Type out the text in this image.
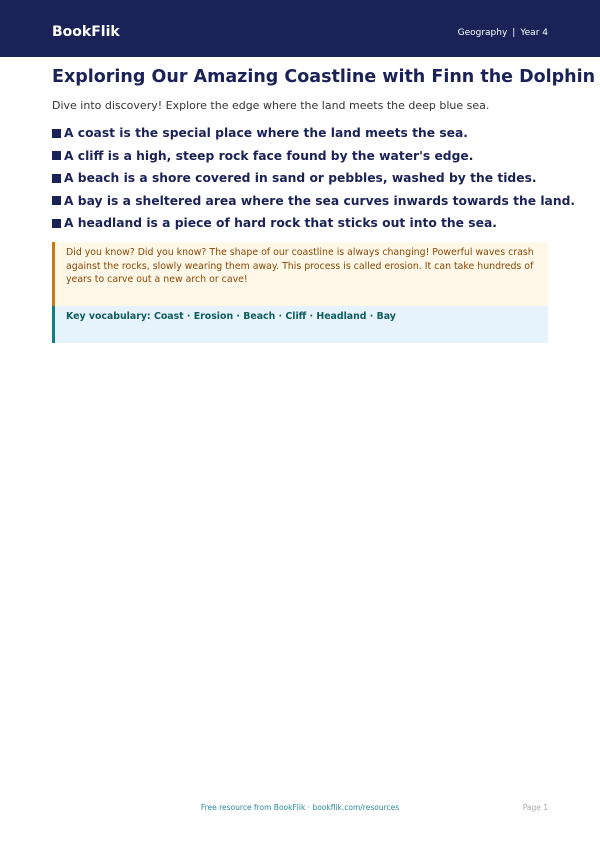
BookFlik	Geography | Year 4
Exploring Our Amazing Coastline with Finn the Dolphin

Dive into discovery! Explore the edge where the land meets the deep blue sea.

A coast is the special place where the land meets the sea.
A cliff is a high, steep rock face found by the water's edge.
A beach is a shore covered in sand or pebbles, washed by the tides.
A bay is a sheltered area where the sea curves inwards towards the land.
A headland is a piece of hard rock that sticks out into the sea.
Did you know? Did you know? The shape of our coastline is always changing! Powerful waves crash against the rocks, slowly wearing them away. This process is called erosion. It can take hundreds of years to carve out a new arch or cave!
Key vocabulary: Coast · Erosion · Beach · Cliff · Headland · Bay
Free resource from BookFlik · bookflik.com/resources	Page 1
